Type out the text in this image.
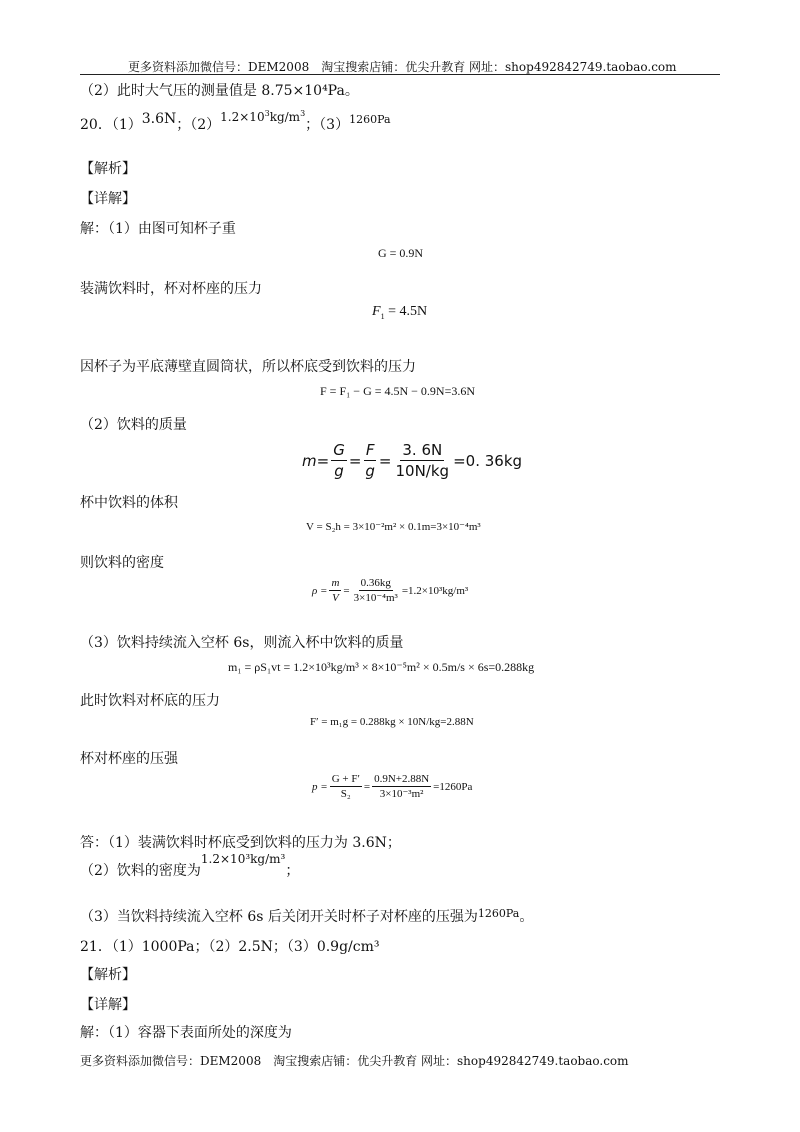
更多资料添加微信号：DEM2008　淘宝搜索店铺：优尖升教育 网址：shop492842749.taobao.com
（2）此时大气压的测量值是 8.75×10⁴Pa。
20．（1）3.6N；$(2)1.2\times 10^3kg/m^3$；$(3)^{1260Pa}$
【解析】
【详解】
解：（1）由图可知杯子重
G = 0.9N
装满饮料时，杯对杯座的压力
$F_1 = 4.5N$
因杯子为平底薄壁直圆筒状，所以杯底受到饮料的压力
F = F₁ − G = 4.5N − 0.9N=3.6N
（2）饮料的质量
$m= \frac{G}{g} = \frac{F}{g} = \frac{3. 6N}{10N/kg} =0$. 36kg
杯中饮料的体积
V = S₂h = 3×10⁻²m² × 0.1m=3×10⁻⁴m³
则饮料的密度
$\rho = \frac{m}{V} = \frac{0.36kg}{\text{3×10⁻⁴m³}} =1.2\times 10^3kg/m^3$
（3）饮料持续流入空杯 6s，则流入杯中饮料的质量
m₁ = ρS₁vt = 1.2×10³kg/m³ × 8×10⁻⁵m² × 0.5m/s × 6s=0.288kg
此时饮料对杯底的压力
F′ = m₁g = 0.288kg × 10N/kg=2.88N
杯对杯座的压强
$p = \frac{G + F'}{\text{S₂}} = \frac{0.9N+2.88N}{\text{3×10⁻³m²}} =1260Pa$
答：（1）装满饮料时杯底受到饮料的压力为 3.6N；
（2）饮料的密度为1.2×10³kg/m³；
（3）当饮料持续流入空杯 6s 后关闭开关时杯子对杯座的压强为$^{1260Pa}$。
21．（1）1000Pa；（2）2.5N；（3）0.9g/cm³
【解析】
【详解】
解：（1）容器下表面所处的深度为
更多资料添加微信号：DEM2008　淘宝搜索店铺：优尖升教育 网址：shop492842749.taobao.com
